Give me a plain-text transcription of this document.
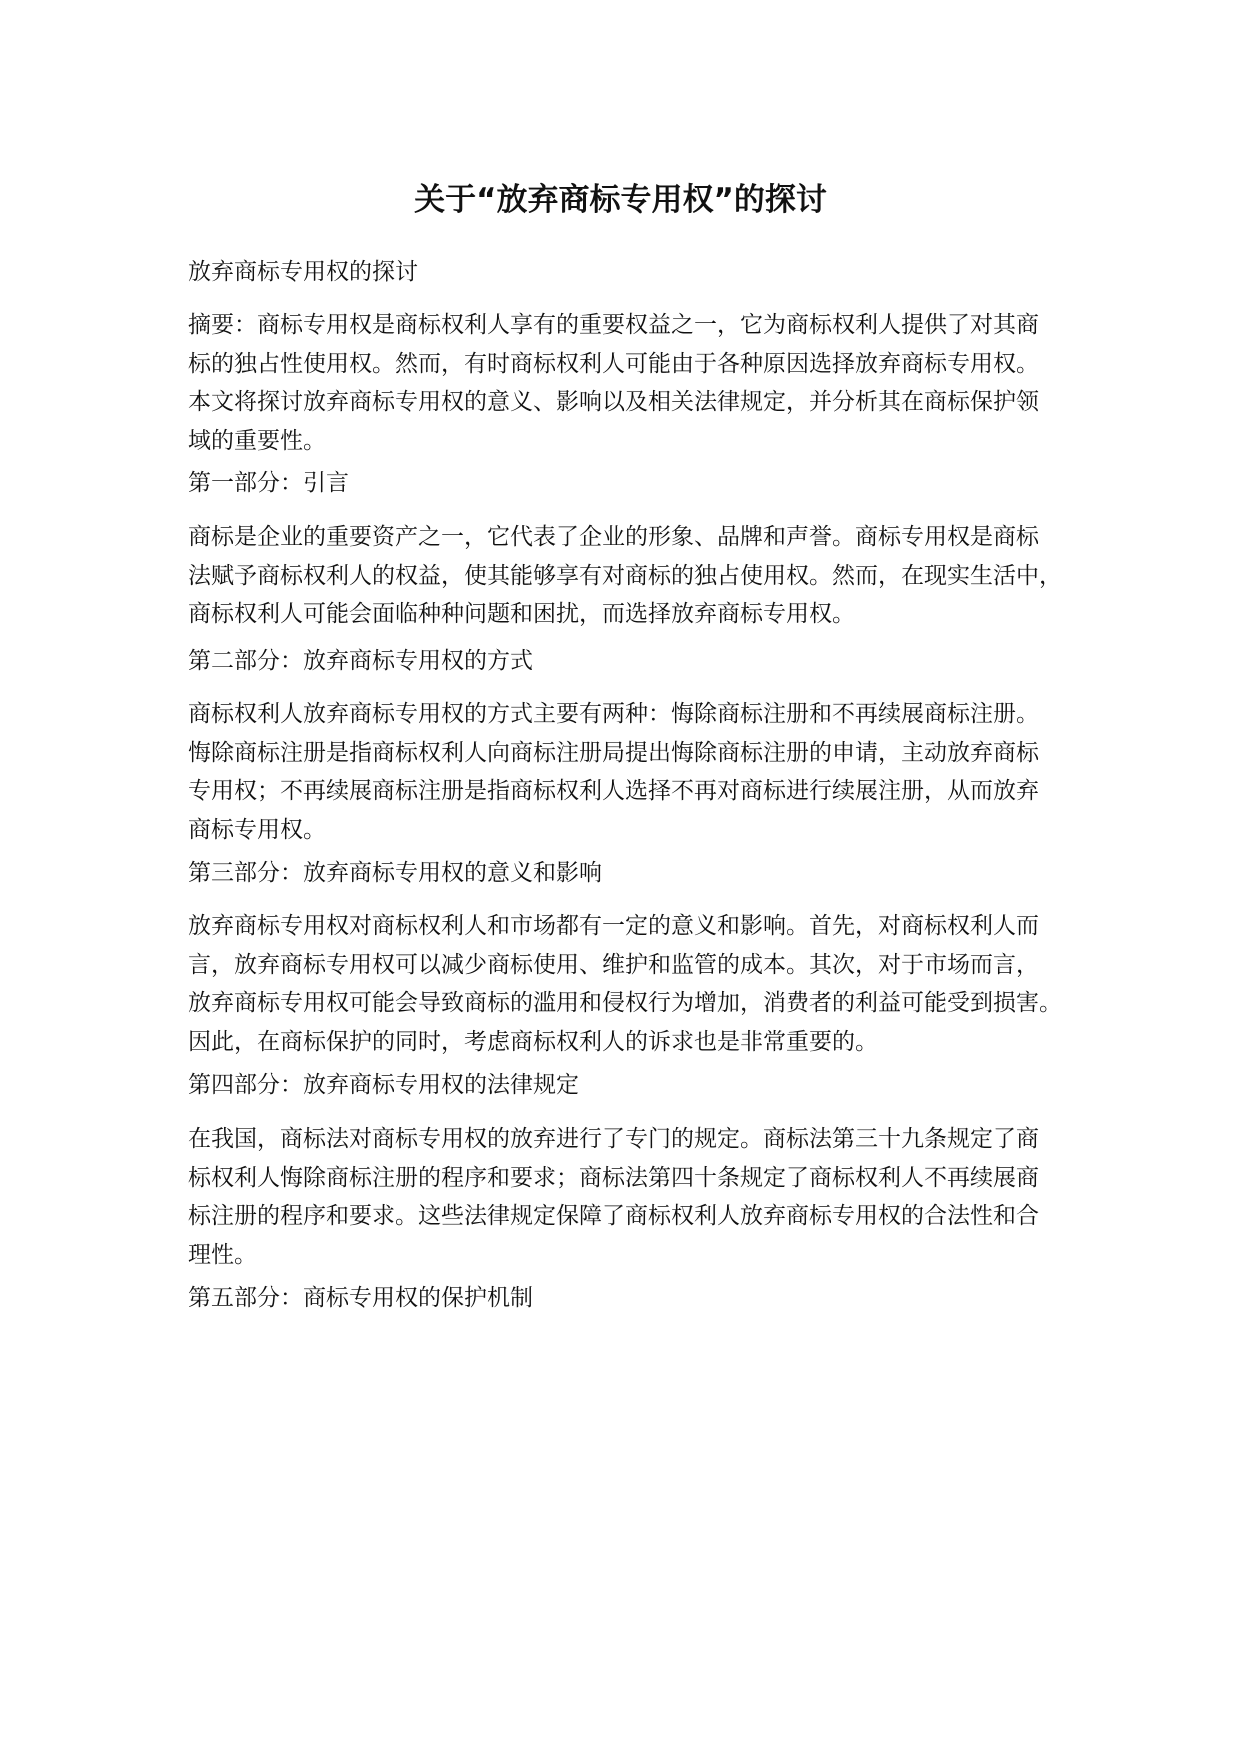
关于“放弃商标专用权”的探讨

放弃商标专用权的探讨

摘要：商标专用权是商标权利人享有的重要权益之一，它为商标权利人提供了对其商
标的独占性使用权。然而，有时商标权利人可能由于各种原因选择放弃商标专用权。
本文将探讨放弃商标专用权的意义、影响以及相关法律规定，并分析其在商标保护领
域的重要性。

第一部分：引言

商标是企业的重要资产之一，它代表了企业的形象、品牌和声誉。商标专用权是商标
法赋予商标权利人的权益，使其能够享有对商标的独占使用权。然而，在现实生活中，
商标权利人可能会面临种种问题和困扰，而选择放弃商标专用权。

第二部分：放弃商标专用权的方式

商标权利人放弃商标专用权的方式主要有两种：悔除商标注册和不再续展商标注册。
悔除商标注册是指商标权利人向商标注册局提出悔除商标注册的申请，主动放弃商标
专用权；不再续展商标注册是指商标权利人选择不再对商标进行续展注册，从而放弃
商标专用权。

第三部分：放弃商标专用权的意义和影响

放弃商标专用权对商标权利人和市场都有一定的意义和影响。首先，对商标权利人而
言，放弃商标专用权可以减少商标使用、维护和监管的成本。其次，对于市场而言，
放弃商标专用权可能会导致商标的滥用和侵权行为增加，消费者的利益可能受到损害。
因此，在商标保护的同时，考虑商标权利人的诉求也是非常重要的。

第四部分：放弃商标专用权的法律规定

在我国，商标法对商标专用权的放弃进行了专门的规定。商标法第三十九条规定了商
标权利人悔除商标注册的程序和要求；商标法第四十条规定了商标权利人不再续展商
标注册的程序和要求。这些法律规定保障了商标权利人放弃商标专用权的合法性和合
理性。

第五部分：商标专用权的保护机制
